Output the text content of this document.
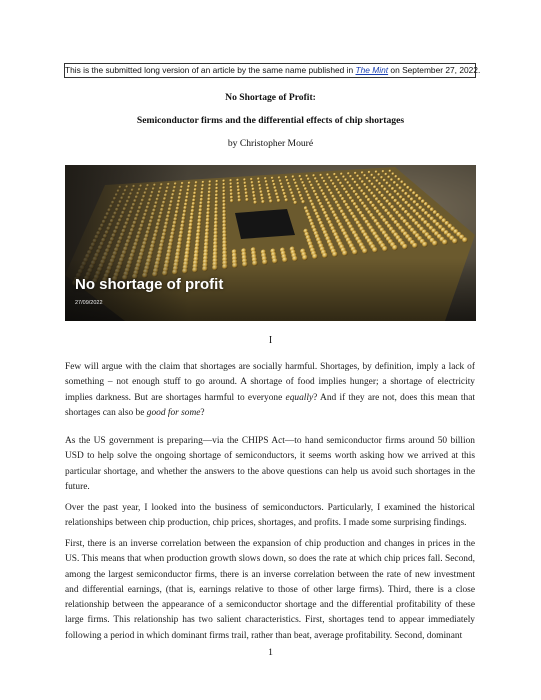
This is the submitted long version of an article by the same name published in The Mint on September 27, 2022.
No Shortage of Profit:
Semiconductor firms and the differential effects of chip shortages
by Christopher Mouré
No shortage of profit
27/09/2022
I

Few will argue with the claim that shortages are socially harmful. Shortages, by definition, imply a lack of something – not enough stuff to go around. A shortage of food implies hunger; a shortage of electricity implies darkness. But are shortages harmful to everyone equally? And if they are not, does this mean that shortages can also be good for some?

As the US government is preparing—via the CHIPS Act—to hand semiconductor firms around 50 billion USD to help solve the ongoing shortage of semiconductors, it seems worth asking how we arrived at this particular shortage, and whether the answers to the above questions can help us avoid such shortages in the future.

Over the past year, I looked into the business of semiconductors. Particularly, I examined the historical relationships between chip production, chip prices, shortages, and profits. I made some surprising findings.

First, there is an inverse correlation between the expansion of chip production and changes in prices in the US. This means that when production growth slows down, so does the rate at which chip prices fall. Second, among the largest semiconductor firms, there is an inverse correlation between the rate of new investment and differential earnings, (that is, earnings relative to those of other large firms). Third, there is a close relationship between the appearance of a semiconductor shortage and the differential profitability of these large firms. This relationship has two salient characteristics. First, shortages tend to appear immediately following a period in which dominant firms trail, rather than beat, average profitability. Second, dominant

1
